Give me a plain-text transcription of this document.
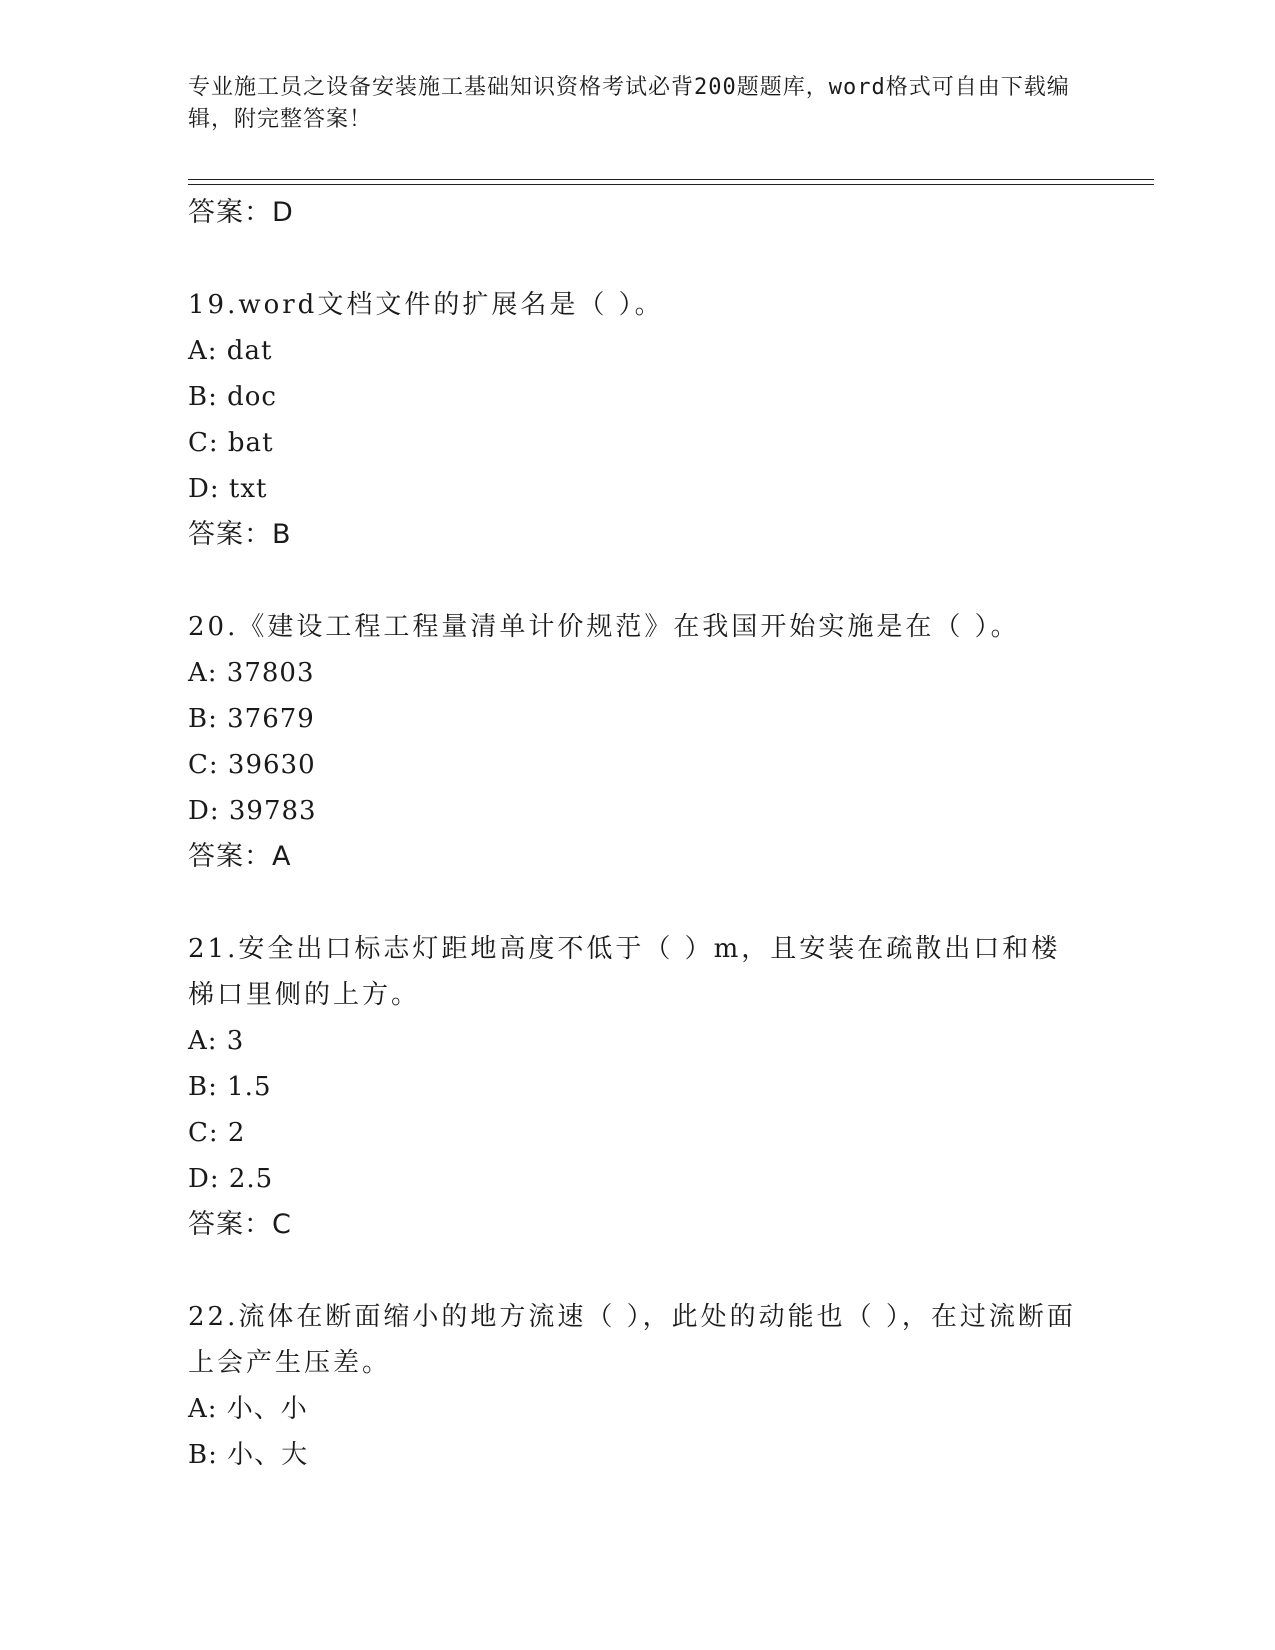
专业施工员之设备安装施工基础知识资格考试必背200题题库，word格式可自由下载编辑，附完整答案！
答案：D
19.word文档文件的扩展名是（ ）。
A: dat
B: doc
C: bat
D: txt
答案：B
20.《建设工程工程量清单计价规范》在我国开始实施是在（ ）。
A: 37803
B: 37679
C: 39630
D: 39783
答案：A
21.安全出口标志灯距地高度不低于（ ）m，且安装在疏散出口和楼梯口里侧的上方。
A: 3
B: 1.5
C: 2
D: 2.5
答案：C
22.流体在断面缩小的地方流速（ ），此处的动能也（ ），在过流断面上会产生压差。
A: 小、小
B: 小、大
